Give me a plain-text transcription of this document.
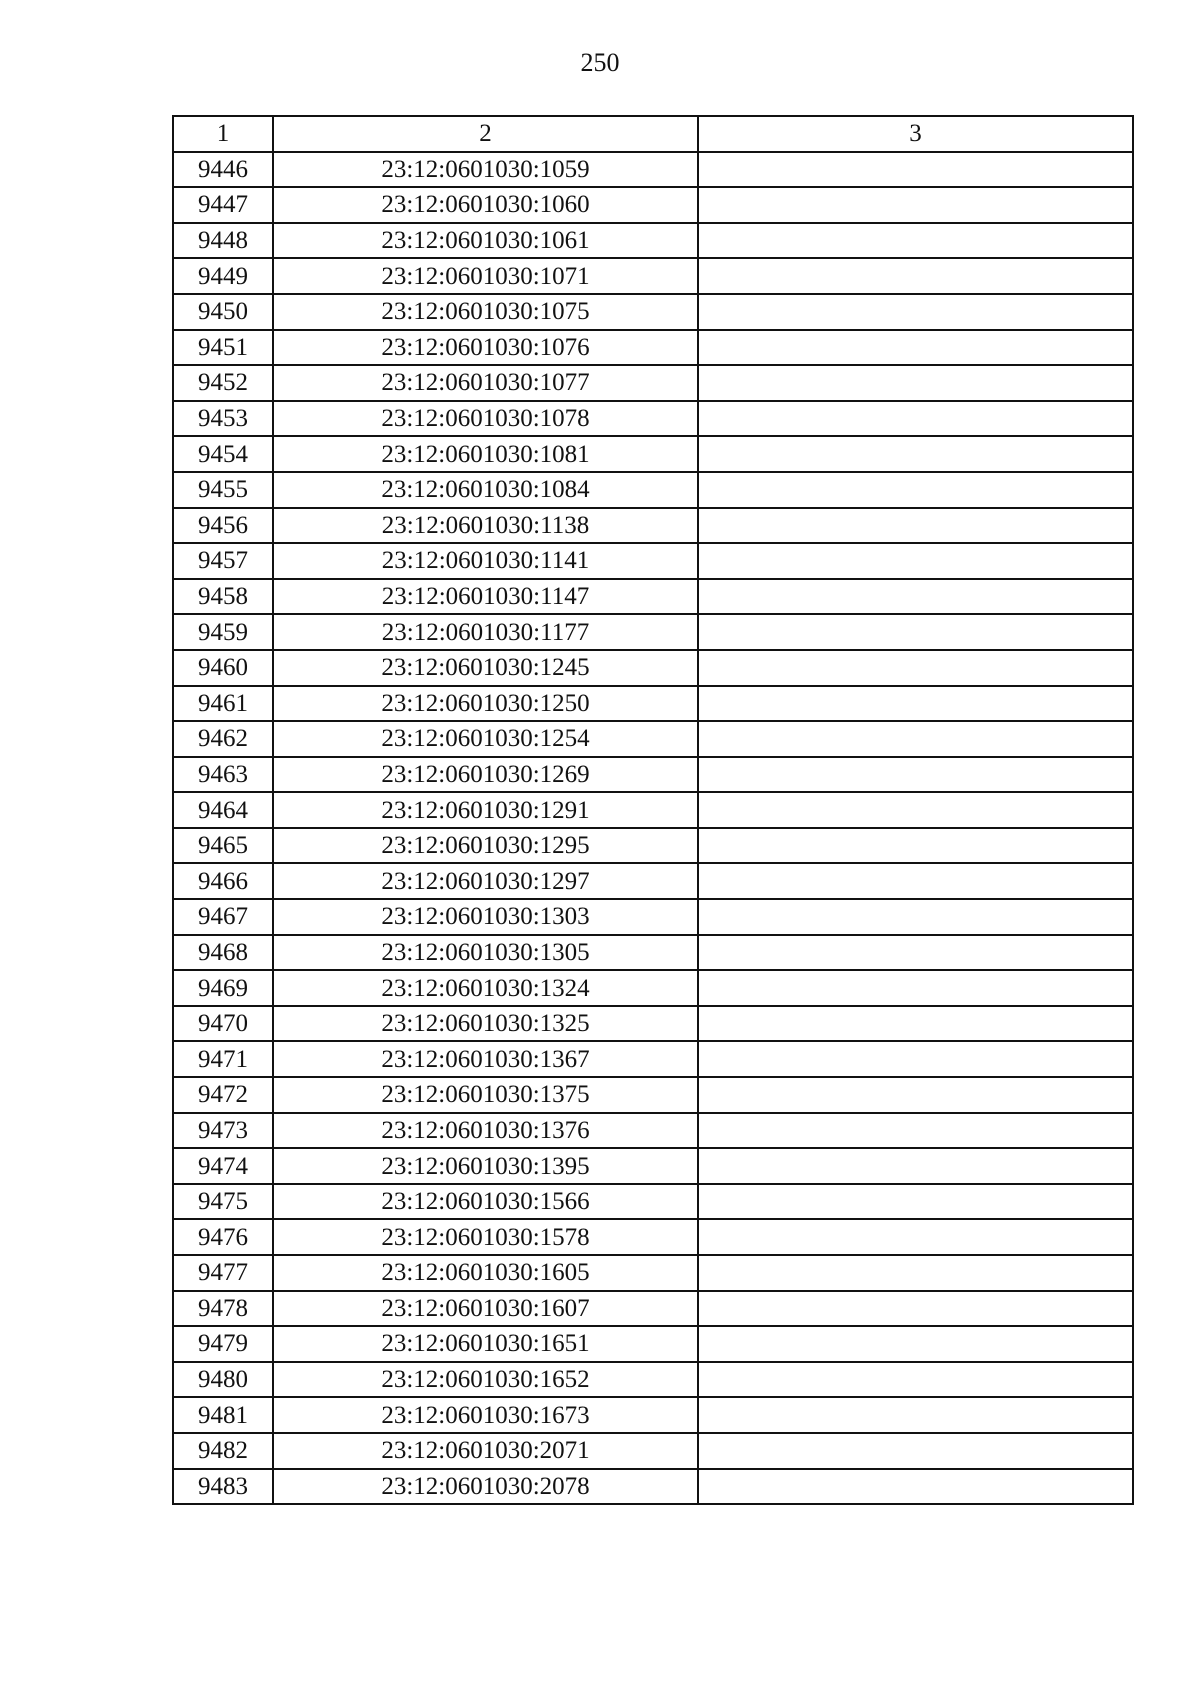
250
1	2	3
9446	23:12:0601030:1059	
9447	23:12:0601030:1060	
9448	23:12:0601030:1061	
9449	23:12:0601030:1071	
9450	23:12:0601030:1075	
9451	23:12:0601030:1076	
9452	23:12:0601030:1077	
9453	23:12:0601030:1078	
9454	23:12:0601030:1081	
9455	23:12:0601030:1084	
9456	23:12:0601030:1138	
9457	23:12:0601030:1141	
9458	23:12:0601030:1147	
9459	23:12:0601030:1177	
9460	23:12:0601030:1245	
9461	23:12:0601030:1250	
9462	23:12:0601030:1254	
9463	23:12:0601030:1269	
9464	23:12:0601030:1291	
9465	23:12:0601030:1295	
9466	23:12:0601030:1297	
9467	23:12:0601030:1303	
9468	23:12:0601030:1305	
9469	23:12:0601030:1324	
9470	23:12:0601030:1325	
9471	23:12:0601030:1367	
9472	23:12:0601030:1375	
9473	23:12:0601030:1376	
9474	23:12:0601030:1395	
9475	23:12:0601030:1566	
9476	23:12:0601030:1578	
9477	23:12:0601030:1605	
9478	23:12:0601030:1607	
9479	23:12:0601030:1651	
9480	23:12:0601030:1652	
9481	23:12:0601030:1673	
9482	23:12:0601030:2071	
9483	23:12:0601030:2078	
